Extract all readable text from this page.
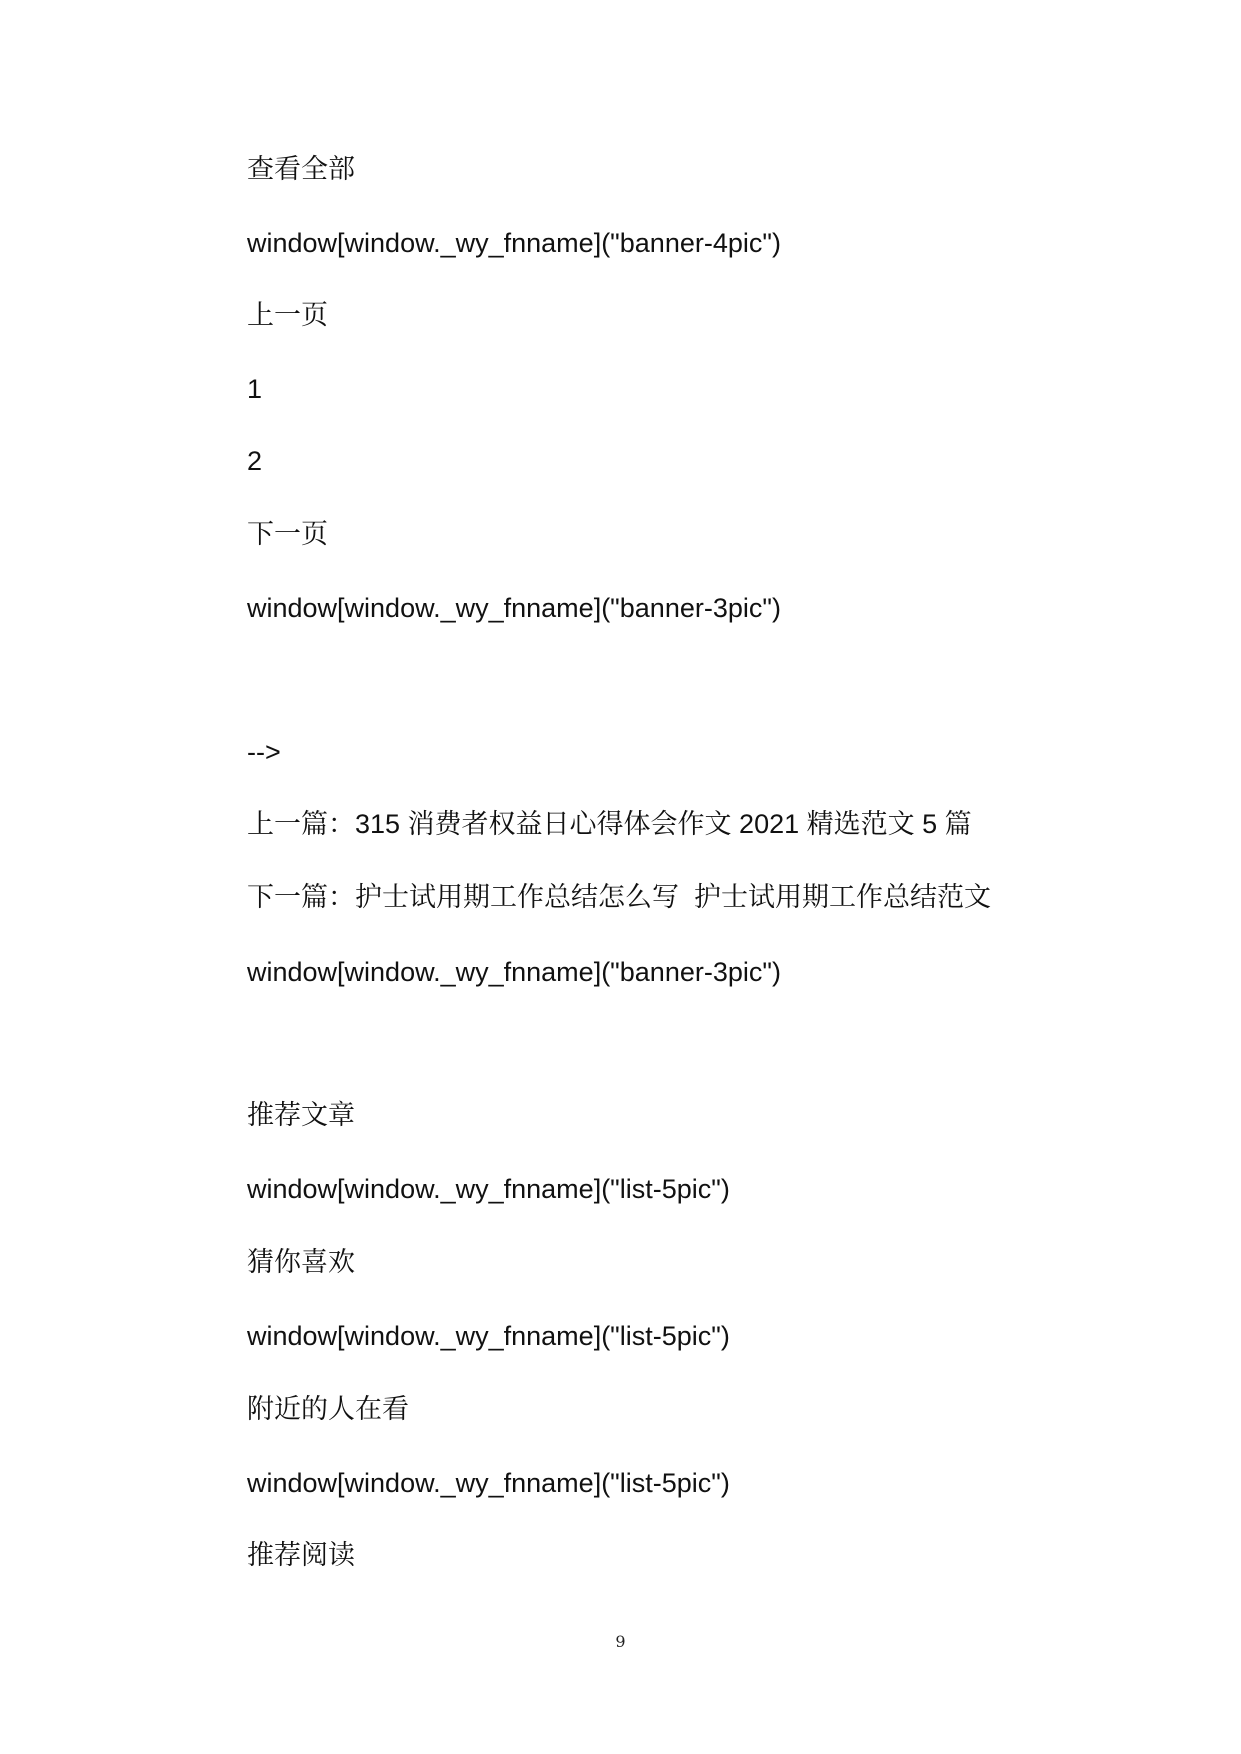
查看全部
window[window._wy_fnname]("banner-4pic")
上一页
1
2
下一页
window[window._wy_fnname]("banner-3pic")
-->
上一篇：315 消费者权益日心得体会作文 2021 精选范文 5 篇
下一篇：护士试用期工作总结怎么写  护士试用期工作总结范文
window[window._wy_fnname]("banner-3pic")
推荐文章
window[window._wy_fnname]("list-5pic")
猜你喜欢
window[window._wy_fnname]("list-5pic")
附近的人在看
window[window._wy_fnname]("list-5pic")
推荐阅读
9
